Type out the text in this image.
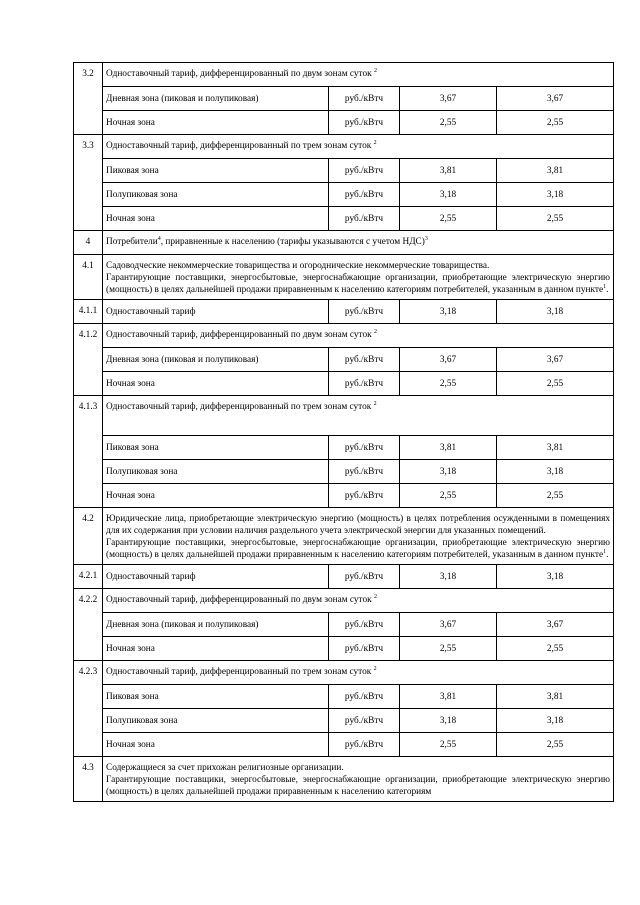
3.2	Одноставочный тариф, дифференцированный по двум зонам суток $^2$
	Дневная зона (пиковая и полупиковая)	руб./кВтч	3,67	3,67
	Ночная зона	руб./кВтч	2,55	2,55
3.3	Одноставочный тариф, дифференцированный по трем зонам суток $^2$
	Пиковая зона	руб./кВтч	3,81	3,81
	Полупиковая зона	руб./кВтч	3,18	3,18
	Ночная зона	руб./кВтч	2,55	2,55
4	Потребители$^4$, приравненные к населению (тарифы указываются с учетом НДС)$^3$
4.1	Садоводческие некоммерческие товарищества и огороднические некоммерческие товарищества.
Гарантирующие поставщики, энергосбытовые, энергоснабжающие организации, приобретающие электрическую энергию (мощность) в целях дальнейшей продажи приравненным к населению категориям потребителей, указанным в данном пункте$^1$.			

4.1.1	Одноставочный тариф	руб./кВтч	3,18	3,18
4.1.2	Одноставочный тариф, дифференцированный по двум зонам суток $^2$
	Дневная зона (пиковая и полупиковая)	руб./кВтч	3,67	3,67
	Ночная зона	руб./кВтч	2,55	2,55
4.1.3	Одноставочный тариф, дифференцированный по трем зонам суток $^2$
	Пиковая зона	руб./кВтч	3,81	3,81
	Полупиковая зона	руб./кВтч	3,18	3,18
	Ночная зона	руб./кВтч	2,55	2,55
4.2	Юридические лица, приобретающие электрическую энергию (мощность) в целях потребления осужденными в помещениях для их содержания при условии наличия раздельного учета электрической энергии для указанных помещений.
Гарантирующие поставщики, энергосбытовые, энергоснабжающие организации, приобретающие электрическую энергию (мощность) в целях дальнейшей продажи приравненным к населению категориям потребителей, указанным в данном пункте$^1$.			

4.2.1	Одноставочный тариф	руб./кВтч	3,18	3,18
4.2.2	Одноставочный тариф, дифференцированный по двум зонам суток $^2$
	Дневная зона (пиковая и полупиковая)	руб./кВтч	3,67	3,67
	Ночная зона	руб./кВтч	2,55	2,55
4.2.3	Одноставочный тариф, дифференцированный по трем зонам суток $^2$
	Пиковая зона	руб./кВтч	3,81	3,81
	Полупиковая зона	руб./кВтч	3,18	3,18
	Ночная зона	руб./кВтч	2,55	2,55
4.3	Содержащиеся за счет прихожан религиозные организации.
Гарантирующие поставщики, энергосбытовые, энергоснабжающие организации, приобретающие электрическую энергию (мощность) в целях дальнейшей продажи приравненным к населению категориям			
